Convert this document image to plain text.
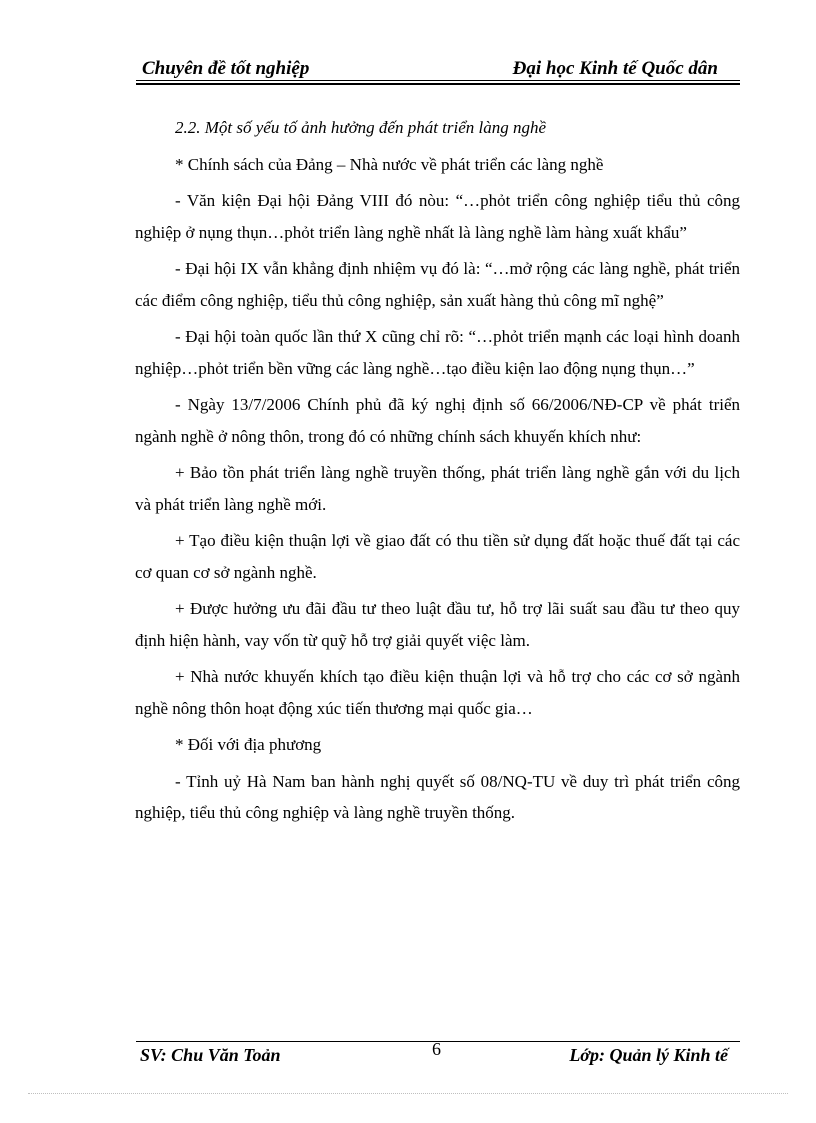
Chuyên đề tốt nghiệp	Đại học Kinh tế Quốc dân

2.2. Một số yếu tố ảnh hưởng đến phát triển làng nghề

* Chính sách của Đảng – Nhà nước về phát triển các làng nghề

- Văn kiện Đại hội Đảng VIII đó nòu: “…phỏt triển công nghiệp tiểu thủ công nghiệp ở nụng thụn…phỏt triển làng nghề nhất là làng nghề làm hàng xuất khẩu”

- Đại hội IX vẫn khẳng định nhiệm vụ đó là: “…mở rộng các làng nghề, phát triển các điểm công nghiệp, tiểu thủ công nghiệp, sản xuất hàng thủ công mĩ nghệ”

- Đại hội toàn quốc lần thứ X cũng chỉ rõ: “…phỏt triển mạnh các loại hình doanh nghiệp…phỏt triển bền vững các làng nghề…tạo điều kiện lao động nụng thụn…”

- Ngày 13/7/2006 Chính phủ đã ký nghị định số 66/2006/NĐ-CP về phát triển ngành nghề ở nông thôn, trong đó có những chính sách khuyến khích như:

+ Bảo tồn phát triển làng nghề truyền thống, phát triển làng nghề gắn với du lịch và phát triển làng nghề mới.

+ Tạo điều kiện thuận lợi về giao đất có thu tiền sử dụng đất hoặc thuế đất tại các cơ quan cơ sở ngành nghề.

+ Được hưởng ưu đãi đầu tư theo luật đầu tư, hỗ trợ lãi suất sau đầu tư theo quy định hiện hành, vay vốn từ quỹ hỗ trợ giải quyết việc làm.

+ Nhà nước khuyến khích tạo điều kiện thuận lợi và hỗ trợ cho các cơ sở ngành nghề nông thôn hoạt động xúc tiến thương mại quốc gia…

* Đối với địa phương

- Tỉnh uỷ Hà Nam ban hành nghị quyết số 08/NQ-TU về duy trì phát triển công nghiệp, tiểu thủ công nghiệp và làng nghề truyền thống.

SV: Chu Văn Toản	6	Lớp: Quản lý Kinh tế
